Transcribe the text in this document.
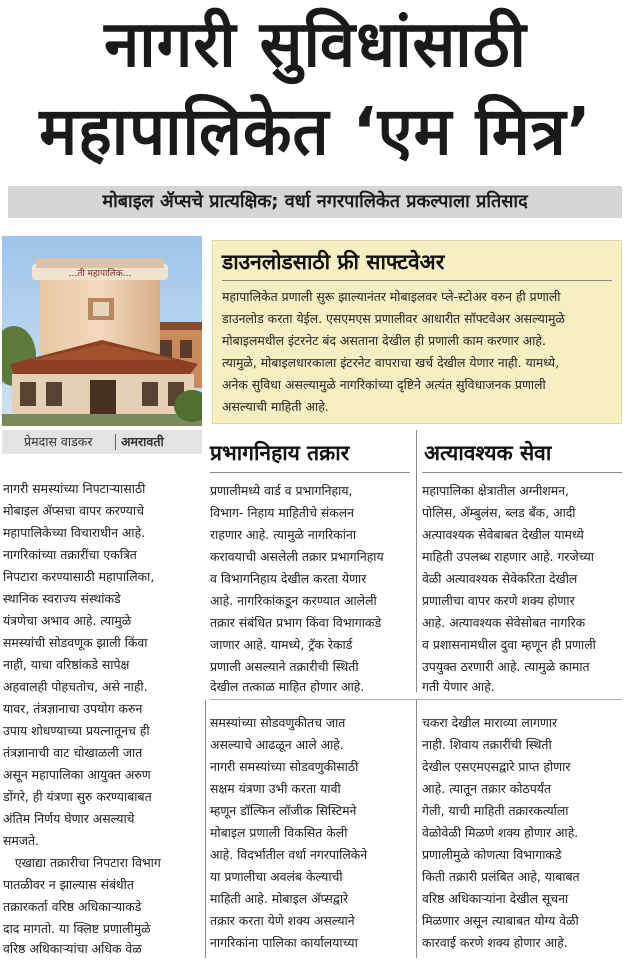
नागरी सुविधांसाठी
महापालिकेत ‘एम मित्र’
मोबाइल ॲप्सचे प्रात्यक्षिक; वर्धा नगरपालिकेत प्रकल्पाला प्रतिसाद
...ती महापालिक...
प्रेमदास वाडकर अमरावती
डाउनलोडसाठी फ्री साफ्टवेअर
महापालिकेत प्रणाली सुरू झाल्यानंतर मोबाइलवर प्ले-स्टोअर वरुन ही प्रणाली
डाउनलोड करता येईल. एसएमएस प्रणालीवर आधारीत सॉफ्टवेअर असल्यामुळे
मोबाइलमधील इंटरनेट बंद असताना देखील ही प्रणाली काम करणार आहे.
त्यामुळे, मोबाइलधारकाला इंटरनेट वापराचा खर्च देखील येणार नाही. यामध्ये,
अनेक सुविधा असल्यामुळे नागरिकांच्या दृष्टिने अत्यंत सुविधाजनक प्रणाली
असल्याची माहिती आहे.
प्रभागनिहाय तक्रार	अत्यावश्यक सेवा
नागरी समस्यांच्या निपटाऱ्यासाठी
मोबाइल ॲप्सचा वापर करण्याचे
महापालिकेच्या विचाराधीन आहे.
नागरिकांच्या तक्रारींचा एकत्रित
निपटारा करण्यासाठी महापालिका,
स्थानिक स्वराज्य संस्थांकडे
यंत्रणेचा अभाव आहे. त्यामुळे
समस्यांची सोडवणूक झाली किंवा
नाही, याचा वरिष्ठांकडे सापेक्ष
अहवालही पोहचतोच, असे नाही.
यावर, तंत्रज्ञानाचा उपयोग करुन
उपाय शोधण्याच्या प्रयत्नातूनच ही
तंत्रज्ञानाची वाट चोखाळली जात
असून महापालिका आयुक्त अरुण
डोंगरे, ही यंत्रणा सुरु करण्याबाबत
अंतिम निर्णय घेणार असल्याचे
समजते.
एखाद्या तक्रारीचा निपटारा विभाग
पातळीवर न झाल्यास संबंधीत
तक्रारकर्ता वरिष्ठ अधिकाऱ्याकडे
दाद मागतो. या क्लिष्ट प्रणालीमुळे
वरिष्ठ अधिकाऱ्यांचा अधिक वेळ
प्रणालीमध्ये वार्ड व प्रभागनिहाय,
विभाग- निहाय माहितीचे संकलन
राहणार आहे. त्यामुळे नागरिकांना
करावयाची असलेली तक्रार प्रभागनिहाय
व विभागनिहाय देखील करता येणार
आहे. नागरिकांकडून करण्यात आलेली
तक्रार संबंधित प्रभाग किंवा विभागाकडे
जाणार आहे. यामध्ये, ट्रॅक रेकार्ड
प्रणाली असल्याने तक्रारीची स्थिती
देखील तत्काळ माहित होणार आहे.
महापालिका क्षेत्रातील अग्नीशमन,
पोलिस, ॲम्बुलंस, ब्लड बँक, आदी
अत्यावश्यक सेवेबाबत देखील यामध्ये
माहिती उपलब्ध राहणार आहे. गरजेच्या
वेळी अत्यावश्यक सेवेकरिता देखील
प्रणालीचा वापर करणे शक्य होणार
आहे. अत्यावश्यक सेवेसोबत नागरिक
व प्रशासनामधील दुवा म्हणून ही प्रणाली
उपयुक्त ठरणारी आहे. त्यामुळे कामात
गती येणार आहे.
समस्यांच्या सोडवणुकीतच जात
असल्याचे आढळून आले आहे.
नागरी समस्यांच्या सोडवणुकीसाठी
सक्षम यंत्रणा उभी करता यावी
म्हणून डॉल्फिन लॉजीक सिस्टिमने
मोबाइल प्रणाली विकसित केली
आहे. विदर्भातील वर्धा नगरपालिकेने
या प्रणालीचा अवलंब केल्याची
माहिती आहे. मोबाइल ॲप्सद्वारे
तक्रार करता येणे शक्य असल्याने
नागरिकांना पालिका कार्यालयाच्या
चकरा देखील माराव्या लागणार
नाही. शिवाय तक्रारींची स्थिती
देखील एसएमएसद्वारे प्राप्त होणार
आहे. त्यातून तक्रार कोठपर्यंत
गेली, याची माहिती तक्रारकर्त्याला
वेळोवेळी मिळणे शक्य होणार आहे.
प्रणालीमुळे कोणत्या विभागाकडे
किती तक्रारी प्रलंबित आहे, याबाबत
वरिष्ठ अधिकाऱ्यांना देखील सूचना
मिळणार असून त्याबाबत योग्य वेळी
कारवाई करणे शक्य होणार आहे.
